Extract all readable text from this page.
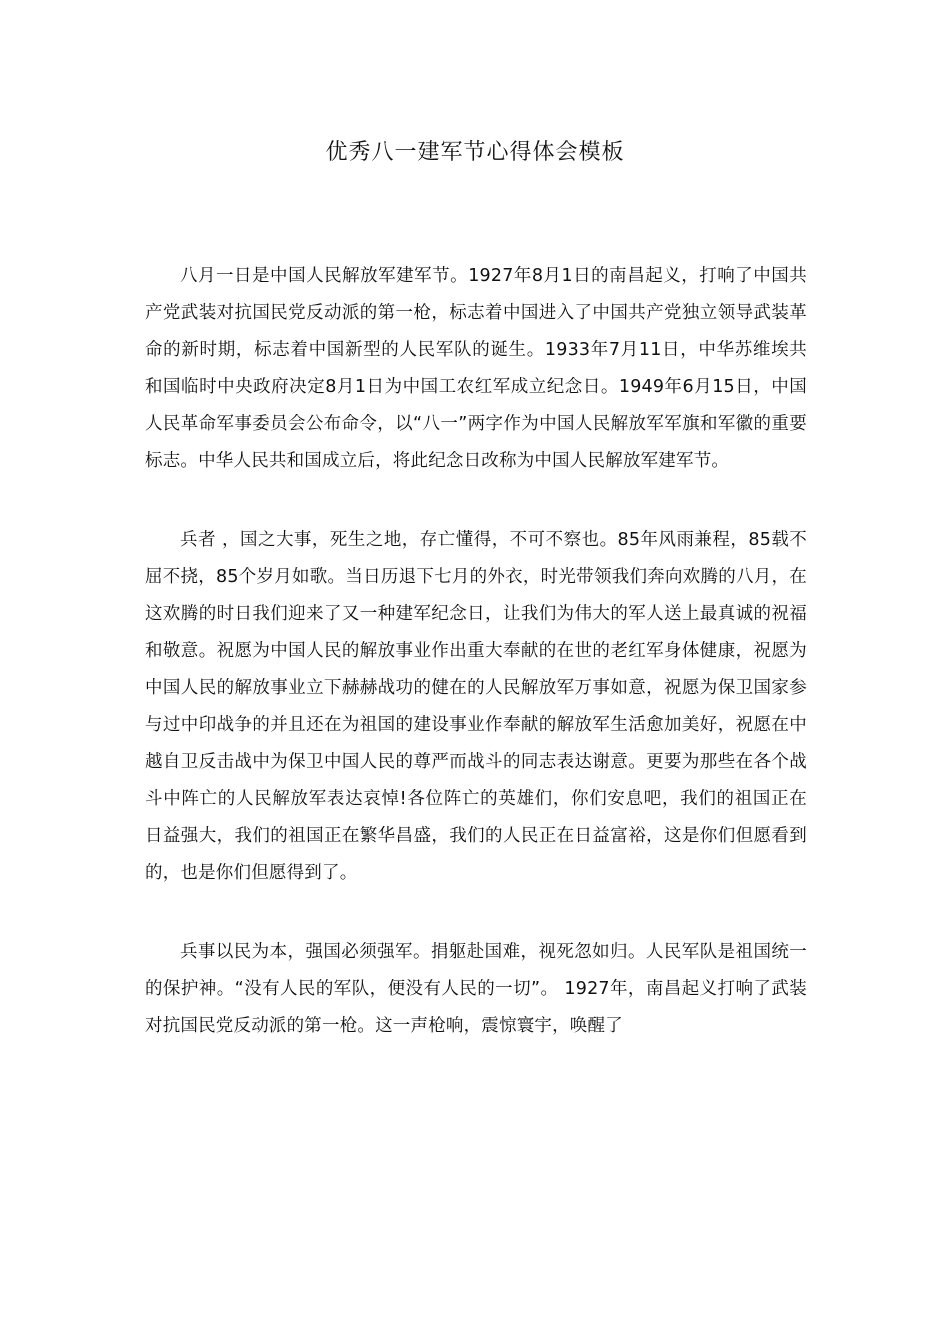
优秀八一建军节心得体会模板

八月一日是中国人民解放军建军节。1927年8月1日的南昌起义，打响了中国共产党武装对抗国民党反动派的第一枪，标志着中国进入了中国共产党独立领导武装革命的新时期，标志着中国新型的人民军队的诞生。1933年7月11日，中华苏维埃共和国临时中央政府决定8月1日为中国工农红军成立纪念日。1949年6月15日，中国人民革命军事委员会公布命令，以“八一”两字作为中国人民解放军军旗和军徽的重要标志。中华人民共和国成立后，将此纪念日改称为中国人民解放军建军节。

兵者 ，国之大事，死生之地，存亡懂得，不可不察也。85年风雨兼程，85载不屈不挠，85个岁月如歌。当日历退下七月的外衣，时光带领我们奔向欢腾的八月，在这欢腾的时日我们迎来了又一种建军纪念日，让我们为伟大的军人送上最真诚的祝福和敬意。祝愿为中国人民的解放事业作出重大奉献的在世的老红军身体健康，祝愿为中国人民的解放事业立下赫赫战功的健在的人民解放军万事如意，祝愿为保卫国家参与过中印战争的并且还在为祖国的建设事业作奉献的解放军生活愈加美好，祝愿在中越自卫反击战中为保卫中国人民的尊严而战斗的同志表达谢意。更要为那些在各个战斗中阵亡的人民解放军表达哀悼!各位阵亡的英雄们，你们安息吧，我们的祖国正在日益强大，我们的祖国正在繁华昌盛，我们的人民正在日益富裕，这是你们但愿看到的，也是你们但愿得到了。

兵事以民为本，强国必须强军。捐躯赴国难，视死忽如归。人民军队是祖国统一的保护神。“没有人民的军队，便没有人民的一切”。 1927年，南昌起义打响了武装对抗国民党反动派的第一枪。这一声枪响，震惊寰宇，唤醒了
